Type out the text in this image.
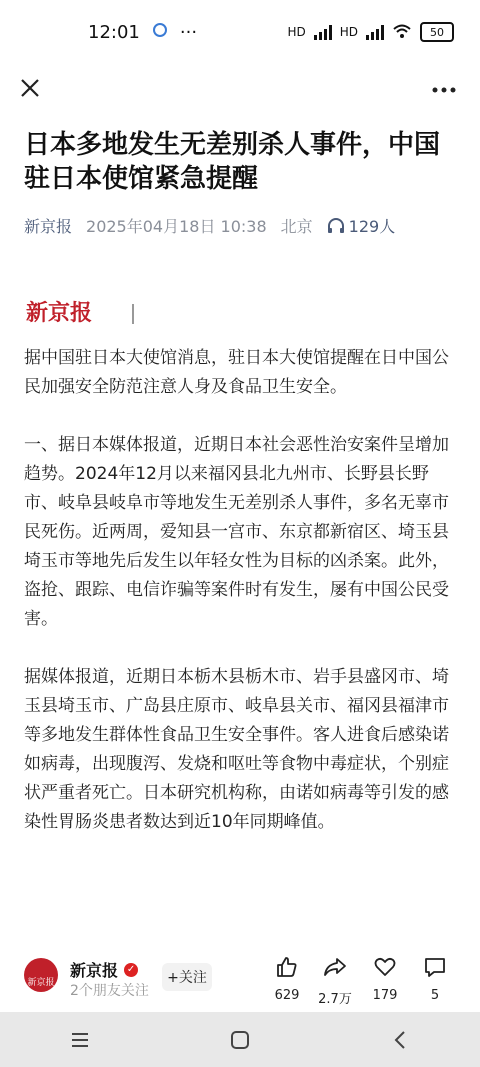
12:01 ···	HD	HD	50
日本多地发生无差别杀人事件，中国驻日本使馆紧急提醒
新京报 2025年04月18日 10:38 北京 129人
新京报

据中国驻日本大使馆消息，驻日本大使馆提醒在日中国公民加强安全防范注意人身及食品卫生安全。

一、据日本媒体报道，近期日本社会恶性治安案件呈增加趋势。2024年12月以来福冈县北九州市、长野县长野市、岐阜县岐阜市等地发生无差别杀人事件，多名无辜市民死伤。近两周，爱知县一宫市、东京都新宿区、埼玉县埼玉市等地先后发生以年轻女性为目标的凶杀案。此外，盗抢、跟踪、电信诈骗等案件时有发生，屡有中国公民受害。

据媒体报道，近期日本栃木县栃木市、岩手县盛冈市、埼玉县埼玉市、广岛县庄原市、岐阜县关市、福冈县福津市等多地发生群体性食品卫生安全事件。客人进食后感染诺如病毒，出现腹泻、发烧和呕吐等食物中毒症状，个别症状严重者死亡。日本研究机构称，由诺如病毒等引发的感染性胃肠炎患者数达到近10年同期峰值。

新京报
新京报 ✓
2个朋友关注
+关注
629	2.7万	179	5
